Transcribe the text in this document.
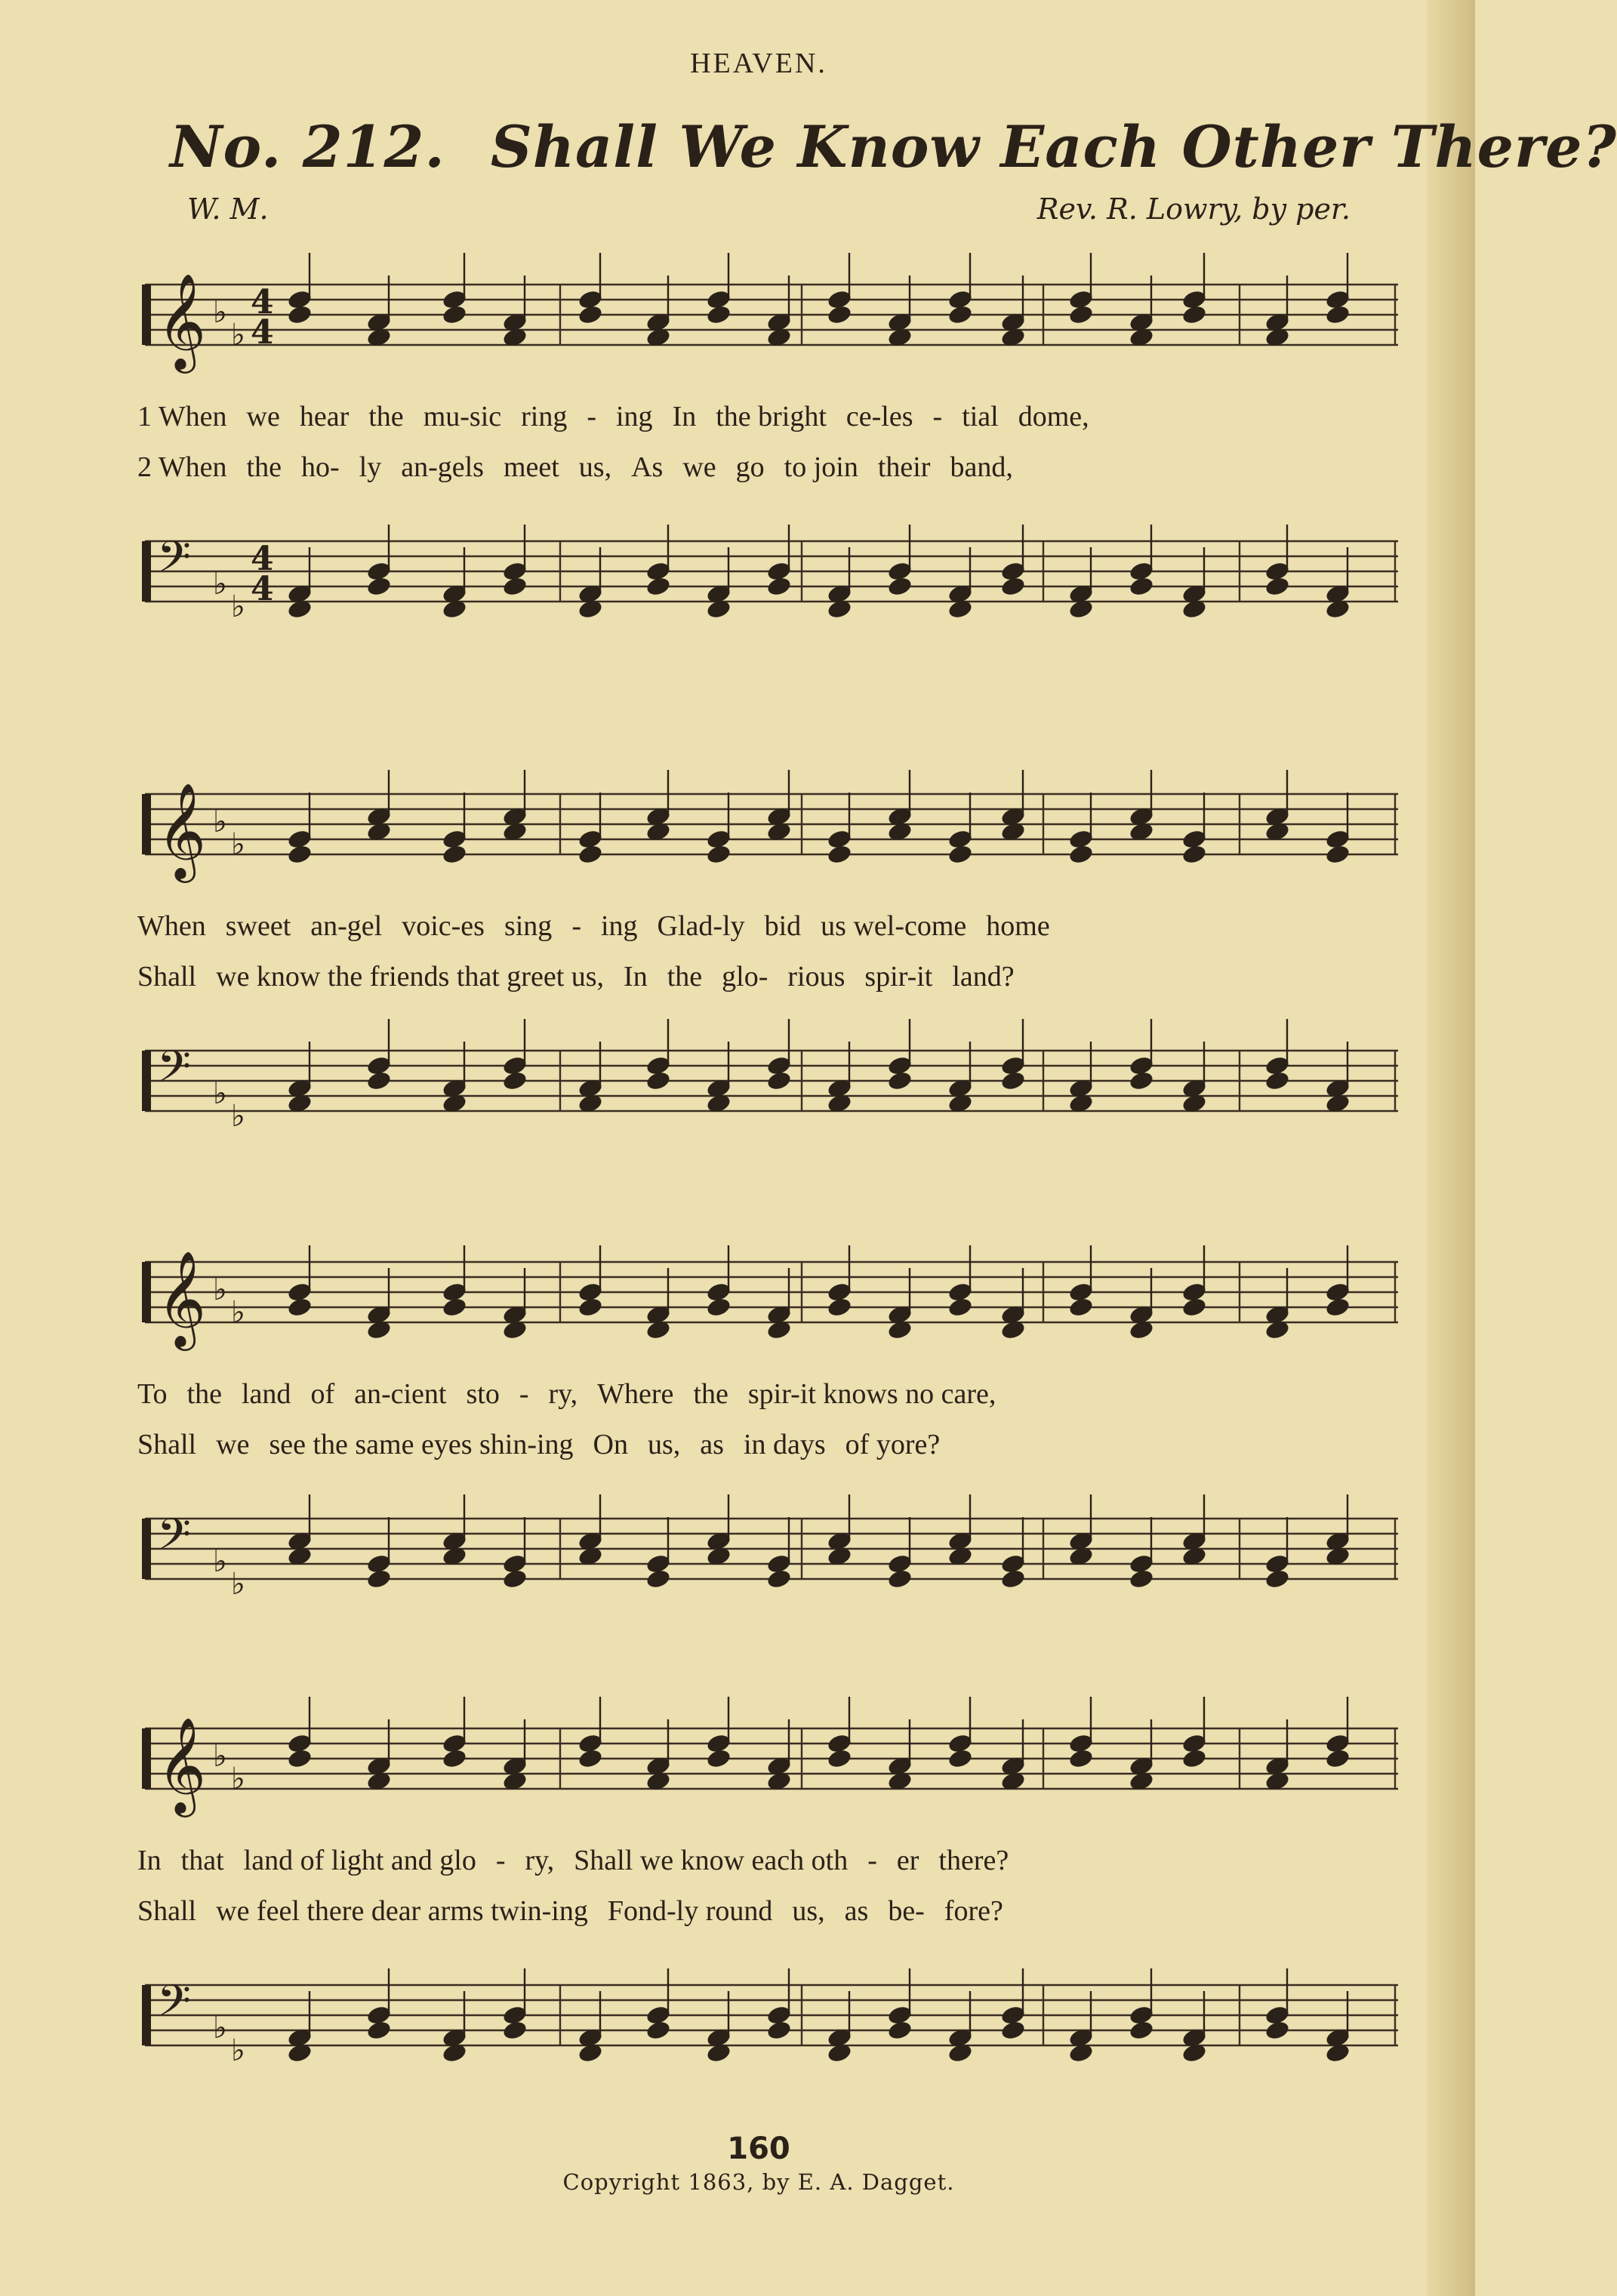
HEAVEN.
No. 212. Shall We Know Each Other There?
W. M.	Rev. R. Lowry, by per.
𝄞 ♭
♭
4
4
1 When we hear the mu-sic ring - ing In the bright ce-les - tial dome,
2 When the ho- ly an-gels meet us, As we go to join their band,
𝄢 ♭
♭
4
4
𝄞 ♭
♭
When sweet an-gel voic-es sing - ing Glad-ly bid us wel-come home
Shall we know the friends that greet us, In the glo- rious spir-it land?
𝄢 ♭
♭
𝄞 ♭
♭
To the land of an-cient sto - ry, Where the spir-it knows no care,
Shall we see the same eyes shin-ing On us, as in days of yore?
𝄢 ♭
♭
𝄞 ♭
♭
In that land of light and glo - ry, Shall we know each oth - er there?
Shall we feel there dear arms twin-ing Fond-ly round us, as be- fore?
𝄢 ♭
♭
160
Copyright 1863, by E. A. Dagget.
